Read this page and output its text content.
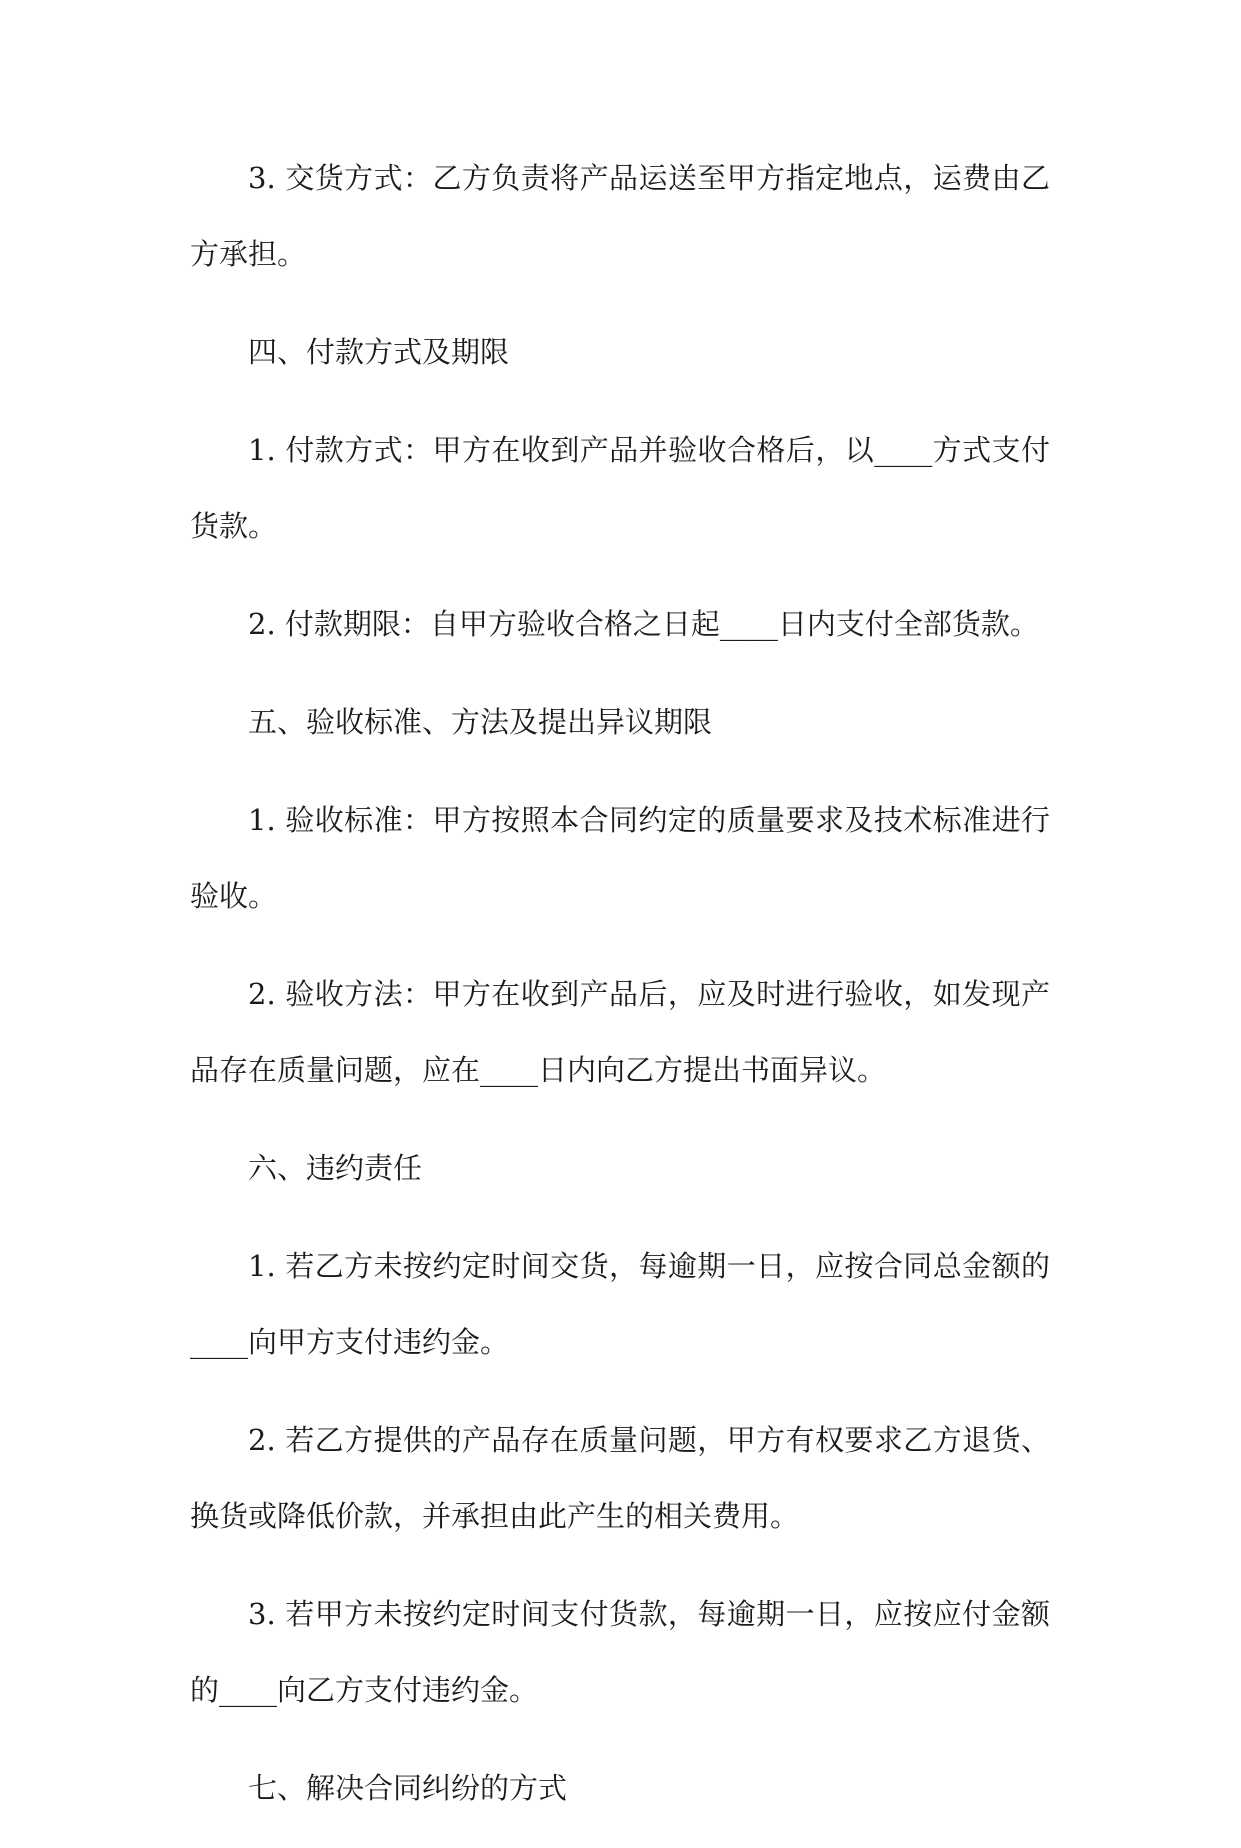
3. 交货方式：乙方负责将产品运送至甲方指定地点，运费由乙方承担。

四、付款方式及期限

1. 付款方式：甲方在收到产品并验收合格后，以____方式支付货款。

2. 付款期限：自甲方验收合格之日起____日内支付全部货款。

五、验收标准、方法及提出异议期限

1. 验收标准：甲方按照本合同约定的质量要求及技术标准进行验收。

2. 验收方法：甲方在收到产品后，应及时进行验收，如发现产品存在质量问题，应在____日内向乙方提出书面异议。

六、违约责任

1. 若乙方未按约定时间交货，每逾期一日，应按合同总金额的____向甲方支付违约金。

2. 若乙方提供的产品存在质量问题，甲方有权要求乙方退货、换货或降低价款，并承担由此产生的相关费用。

3. 若甲方未按约定时间支付货款，每逾期一日，应按应付金额的____向乙方支付违约金。

七、解决合同纠纷的方式
